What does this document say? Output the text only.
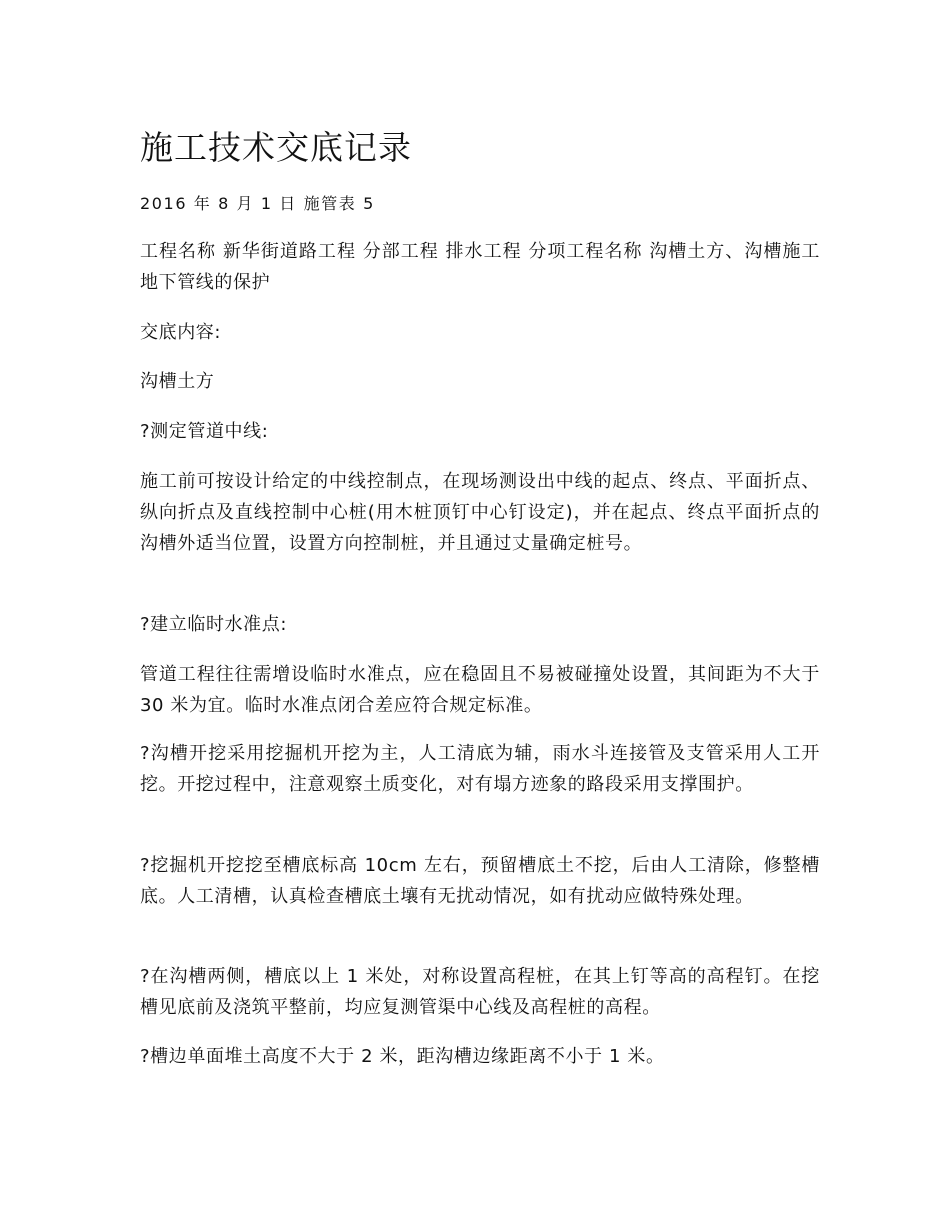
施工技术交底记录

2016 年 8 月 1 日 施管表 5

工程名称 新华街道路工程 分部工程 排水工程 分项工程名称 沟槽土方、沟槽施工地下管线的保护

交底内容:

沟槽土方

?测定管道中线:

施工前可按设计给定的中线控制点，在现场测设出中线的起点、终点、平面折点、纵向折点及直线控制中心桩(用木桩顶钉中心钉设定)，并在起点、终点平面折点的沟槽外适当位置，设置方向控制桩，并且通过丈量确定桩号。

?建立临时水准点:

管道工程往往需增设临时水准点，应在稳固且不易被碰撞处设置，其间距为不大于 30 米为宜。临时水准点闭合差应符合规定标准。

?沟槽开挖采用挖掘机开挖为主，人工清底为辅，雨水斗连接管及支管采用人工开挖。开挖过程中，注意观察土质变化，对有塌方迹象的路段采用支撑围护。

?挖掘机开挖挖至槽底标高 10cm 左右，预留槽底土不挖，后由人工清除，修整槽底。人工清槽，认真检查槽底土壤有无扰动情况，如有扰动应做特殊处理。

?在沟槽两侧，槽底以上 1 米处，对称设置高程桩，在其上钉等高的高程钉。在挖槽见底前及浇筑平整前，均应复测管渠中心线及高程桩的高程。

?槽边单面堆土高度不大于 2 米，距沟槽边缘距离不小于 1 米。
